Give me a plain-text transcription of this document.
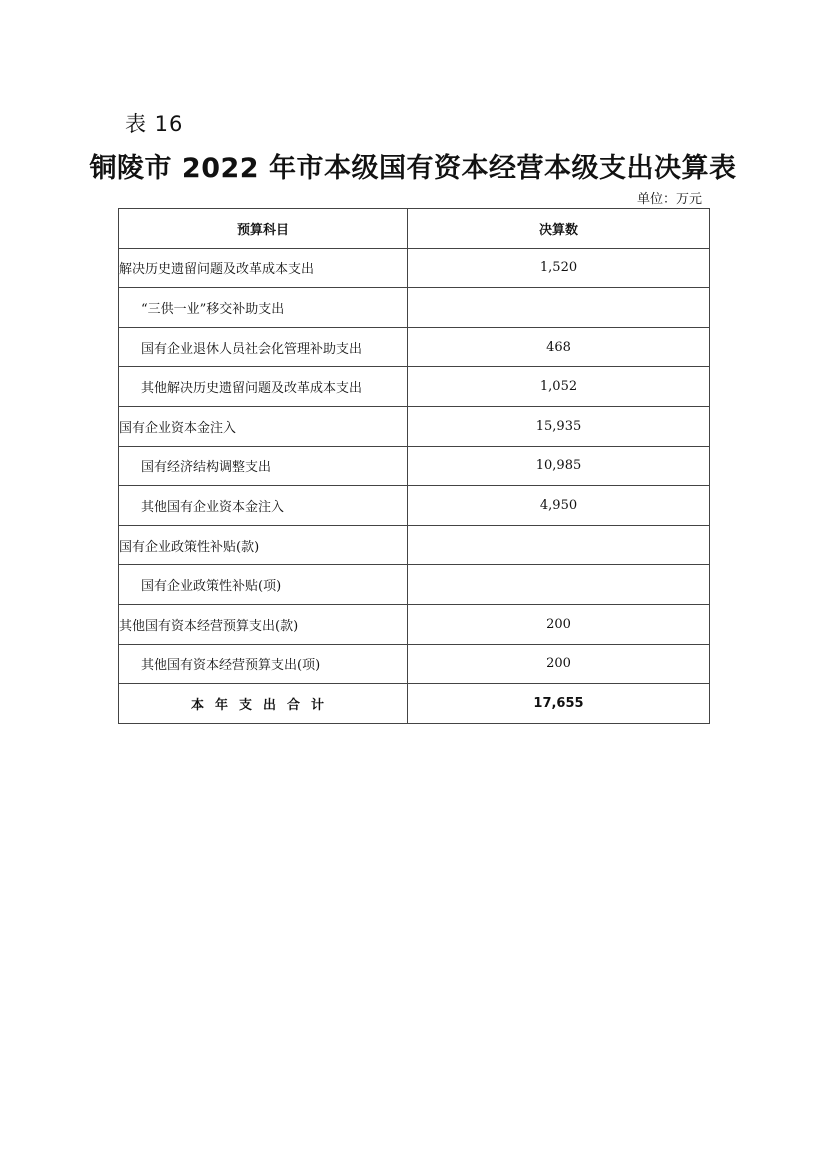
表 16
铜陵市 2022 年市本级国有资本经营本级支出决算表
单位：万元
预算科目	决算数
解决历史遗留问题及改革成本支出	1,520
“三供一业”移交补助支出	
国有企业退休人员社会化管理补助支出	468
其他解决历史遗留问题及改革成本支出	1,052
国有企业资本金注入	15,935
国有经济结构调整支出	10,985
其他国有企业资本金注入	4,950
国有企业政策性补贴(款)	
国有企业政策性补贴(项)	
其他国有资本经营预算支出(款)	200
其他国有资本经营预算支出(项)	200
本年支出合计	17,655
